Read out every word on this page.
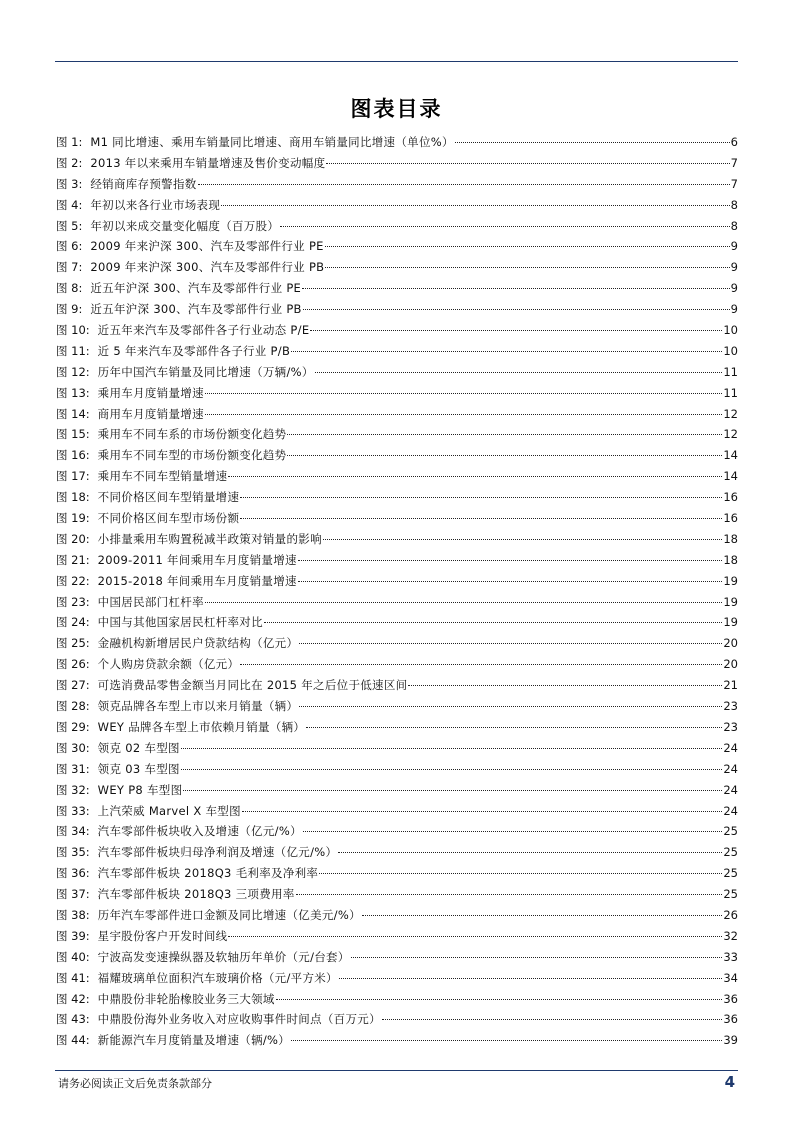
图表目录
图 1: M1 同比增速、乘用车销量同比增速、商用车销量同比增速（单位%）	6
图 2: 2013 年以来乘用车销量增速及售价变动幅度	7
图 3: 经销商库存预警指数	7
图 4: 年初以来各行业市场表现	8
图 5: 年初以来成交量变化幅度（百万股）	8
图 6: 2009 年来沪深 300、汽车及零部件行业 PE	9
图 7: 2009 年来沪深 300、汽车及零部件行业 PB	9
图 8: 近五年沪深 300、汽车及零部件行业 PE	9
图 9: 近五年沪深 300、汽车及零部件行业 PB	9
图 10: 近五年来汽车及零部件各子行业动态 P/E	10
图 11: 近 5 年来汽车及零部件各子行业 P/B	10
图 12: 历年中国汽车销量及同比增速（万辆/%）	11
图 13: 乘用车月度销量增速	11
图 14: 商用车月度销量增速	12
图 15: 乘用车不同车系的市场份额变化趋势	12
图 16: 乘用车不同车型的市场份额变化趋势	14
图 17: 乘用车不同车型销量增速	14
图 18: 不同价格区间车型销量增速	16
图 19: 不同价格区间车型市场份额	16
图 20: 小排量乘用车购置税减半政策对销量的影响	18
图 21: 2009-2011 年间乘用车月度销量增速	18
图 22: 2015-2018 年间乘用车月度销量增速	19
图 23: 中国居民部门杠杆率	19
图 24: 中国与其他国家居民杠杆率对比	19
图 25: 金融机构新增居民户贷款结构（亿元）	20
图 26: 个人购房贷款余额（亿元）	20
图 27: 可选消费品零售金额当月同比在 2015 年之后位于低速区间	21
图 28: 领克品牌各车型上市以来月销量（辆）	23
图 29: WEY 品牌各车型上市依赖月销量（辆）	23
图 30: 领克 02 车型图	24
图 31: 领克 03 车型图	24
图 32: WEY P8 车型图	24
图 33: 上汽荣威 Marvel X 车型图	24
图 34: 汽车零部件板块收入及增速（亿元/%）	25
图 35: 汽车零部件板块归母净利润及增速（亿元/%）	25
图 36: 汽车零部件板块 2018Q3 毛利率及净利率	25
图 37: 汽车零部件板块 2018Q3 三项费用率	25
图 38: 历年汽车零部件进口金额及同比增速（亿美元/%）	26
图 39: 星宇股份客户开发时间线	32
图 40: 宁波高发变速操纵器及软轴历年单价（元/台套）	33
图 41: 福耀玻璃单位面积汽车玻璃价格（元/平方米）	34
图 42: 中鼎股份非轮胎橡胶业务三大领域	36
图 43: 中鼎股份海外业务收入对应收购事件时间点（百万元）	36
图 44: 新能源汽车月度销量及增速（辆/%）	39
请务必阅读正文后免责条款部分	4
